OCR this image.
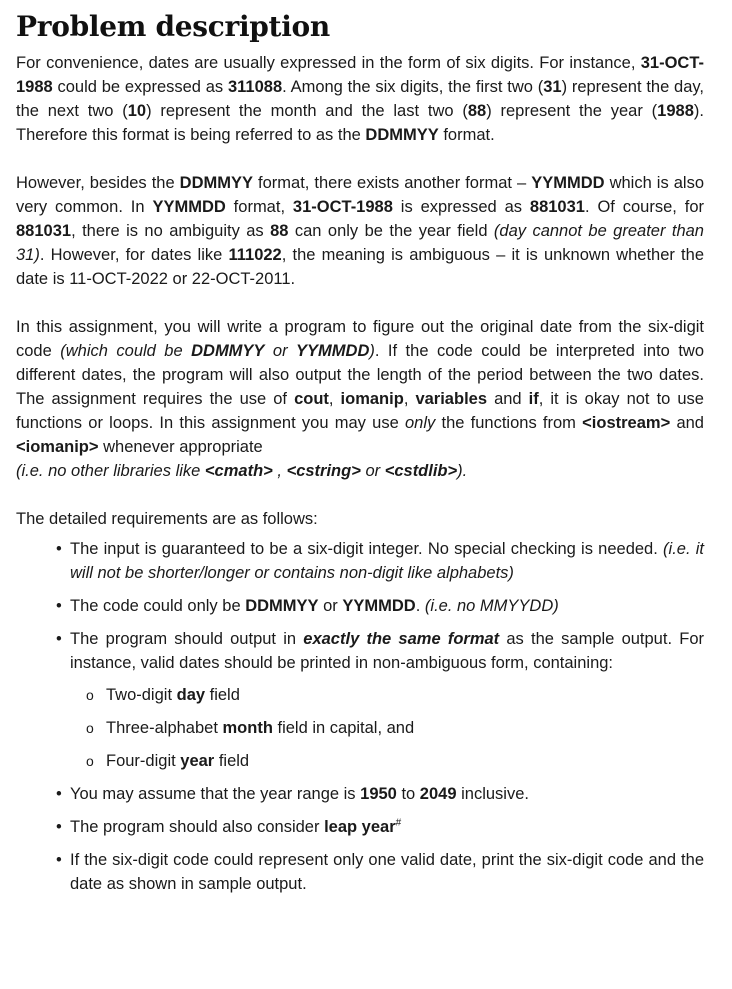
Problem description

For convenience, dates are usually expressed in the form of six digits. For instance, 31-OCT-1988 could be expressed as 311088. Among the six digits, the first two (31) represent the day, the next two (10) represent the month and the last two (88) represent the year (1988). Therefore this format is being referred to as the DDMMYY format.

However, besides the DDMMYY format, there exists another format – YYMMDD which is also very common. In YYMMDD format, 31-OCT-1988 is expressed as 881031. Of course, for 881031, there is no ambiguity as 88 can only be the year field (day cannot be greater than 31). However, for dates like 111022, the meaning is ambiguous – it is unknown whether the date is 11-OCT-2022 or 22-OCT-2011.

In this assignment, you will write a program to figure out the original date from the six-digit code (which could be DDMMYY or YYMMDD). If the code could be interpreted into two different dates, the program will also output the length of the period between the two dates. The assignment requires the use of cout, iomanip, variables and if, it is okay not to use functions or loops. In this assignment you may use only the functions from <iostream> and <iomanip> whenever appropriate
(i.e. no other libraries like <cmath> , <cstring> or <cstdlib>).

The detailed requirements are as follows:

• The input is guaranteed to be a six-digit integer. No special checking is needed. (i.e. it will not be shorter/longer or contains non-digit like alphabets)
• The code could only be DDMMYY or YYMMDD. (i.e. no MMYYDD)
• The program should output in exactly the same format as the sample output. For instance, valid dates should be printed in non-ambiguous form, containing:
o Two-digit day field
o Three-alphabet month field in capital, and
o Four-digit year field
• You may assume that the year range is 1950 to 2049 inclusive.
• The program should also consider leap year#
• If the six-digit code could represent only one valid date, print the six-digit code and the date as shown in sample output.
